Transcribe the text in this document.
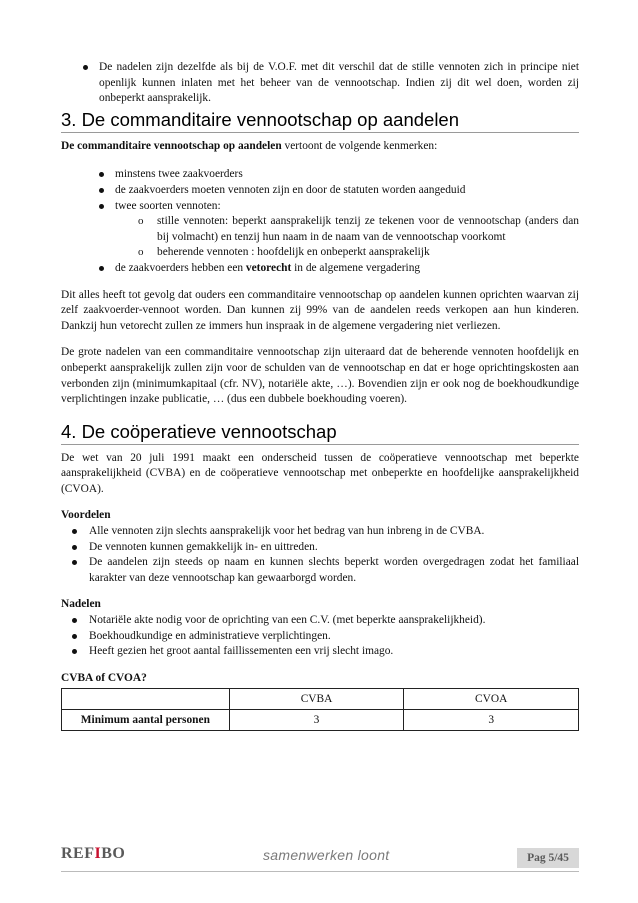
De nadelen zijn dezelfde als bij de V.O.F. met dit verschil dat de stille vennoten zich in principe niet openlijk kunnen inlaten met het beheer van de vennootschap. Indien zij dit wel doen, worden zij onbeperkt aansprakelijk.
3. De commanditaire vennootschap op aandelen

De commanditaire vennootschap op aandelen vertoont de volgende kenmerken:

minstens twee zaakvoerders
de zaakvoerders moeten vennoten zijn en door de statuten worden aangeduid
twee soorten vennoten:
o stille vennoten: beperkt aansprakelijk tenzij ze tekenen voor de vennootschap (anders dan bij volmacht) en tenzij hun naam in de naam van de vennootschap voorkomt
o beherende vennoten : hoofdelijk en onbeperkt aansprakelijk
de zaakvoerders hebben een vetorecht in de algemene vergadering

Dit alles heeft tot gevolg dat ouders een commanditaire vennootschap op aandelen kunnen oprichten waarvan zij zelf zaakvoerder-vennoot worden. Dan kunnen zij 99% van de aandelen reeds verkopen aan hun kinderen. Dankzij hun vetorecht zullen ze immers hun inspraak in de algemene vergadering niet verliezen.

De grote nadelen van een commanditaire vennootschap zijn uiteraard dat de beherende vennoten hoofdelijk en onbeperkt aansprakelijk zullen zijn voor de schulden van de vennootschap en dat er hoge oprichtingskosten aan verbonden zijn (minimumkapitaal (cfr. NV), notariële akte, …). Bovendien zijn er ook nog de boekhoudkundige verplichtingen inzake publicatie, … (dus een dubbele boekhouding voeren).

4. De coöperatieve vennootschap

De wet van 20 juli 1991 maakt een onderscheid tussen de coöperatieve vennootschap met beperkte aansprakelijkheid (CVBA) en de coöperatieve vennootschap met onbeperkte en hoofdelijke aansprakelijkheid (CVOA).

Voordelen

Alle vennoten zijn slechts aansprakelijk voor het bedrag van hun inbreng in de CVBA.
De vennoten kunnen gemakkelijk in- en uittreden.
De aandelen zijn steeds op naam en kunnen slechts beperkt worden overgedragen zodat het familiaal karakter van deze vennootschap kan gewaarborgd worden.

Nadelen

Notariële akte nodig voor de oprichting van een C.V. (met beperkte aansprakelijkheid).
Boekhoudkundige en administratieve verplichtingen.
Heeft gezien het groot aantal faillissementen een vrij slecht imago.

CVBA of CVOA?

	CVBA	CVOA
Minimum aantal personen	3	3
REFIBO	samenwerken loont	Pag 5/45
